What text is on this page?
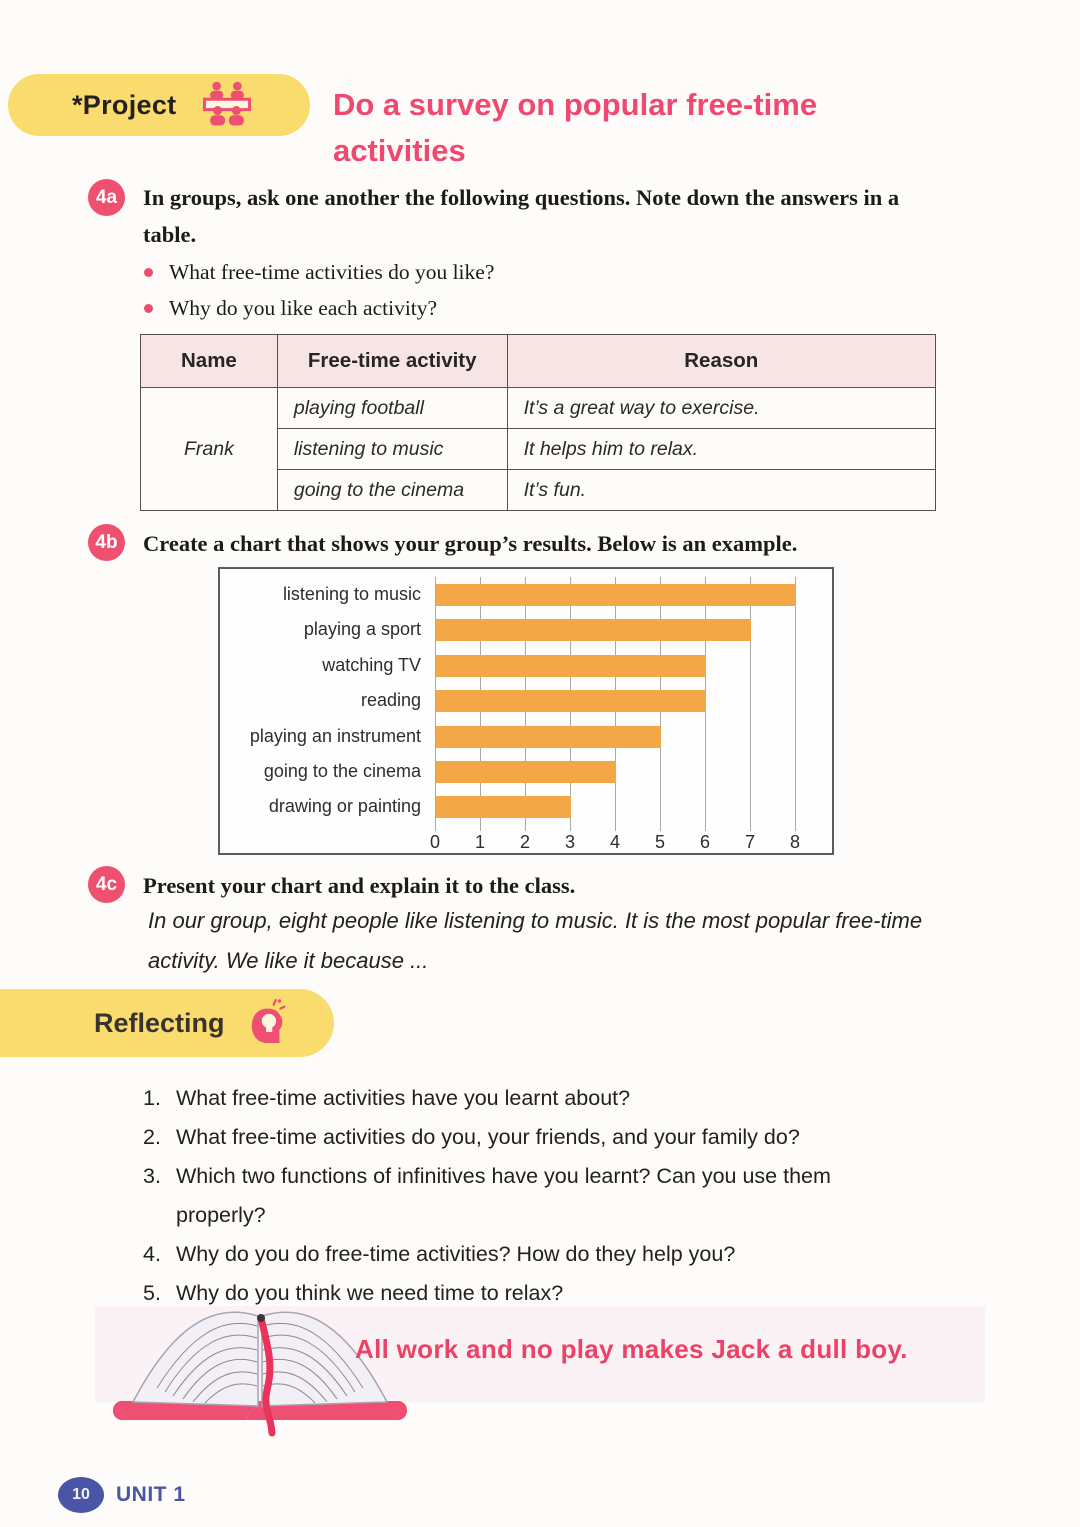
*Project	Do a survey on popular free-time activities
4a	In groups, ask one another the following questions. Note down the answers in a table.
What free-time activities do you like?
Why do you like each activity?
Name	Free-time activity	Reason
Frank	playing football	It’s a great way to exercise.
	listening to music	It helps him to relax.
	going to the cinema	It’s fun.
4b	Create a chart that shows your group’s results. Below is an example.
0	1	2	3	4	5	6	7	8
listening to music
playing a sport
watching TV
reading
playing an instrument
going to the cinema
drawing or painting
4c	Present your chart and explain it to the class.
In our group, eight people like listening to music. It is the most popular free-time activity. We like it because ...
Reflecting
1. What free-time activities have you learnt about?
2. What free-time activities do you, your friends, and your family do?
3. Which two functions of infinitives have you learnt? Can you use them properly?
4. Why do you do free-time activities? How do they help you?
5. Why do you think we need time to relax?
All work and no play makes Jack a dull boy.
10	UNIT 1
